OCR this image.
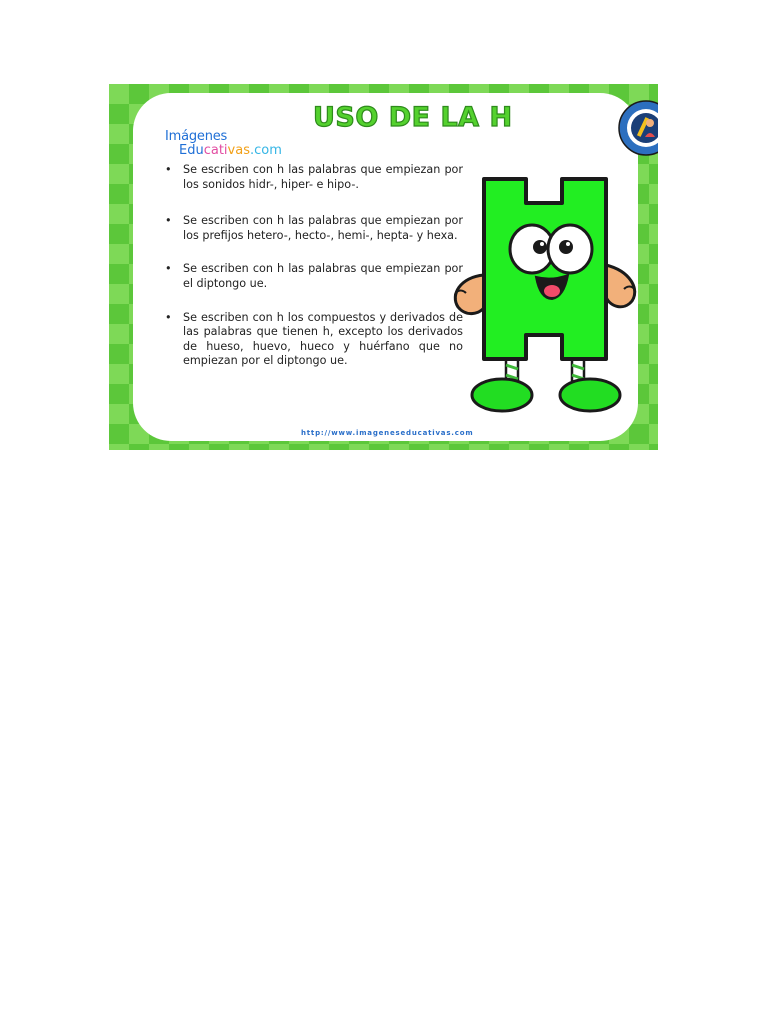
USO DE LA H
Imágenes
Educativas.com
• Se escriben con h las palabras que empiezan por los sonidos hidr-, hiper- e hipo-.
• Se escriben con h las palabras que empiezan por los prefijos hetero-, hecto-, hemi-, hepta- y hexa.
• Se escriben con h las palabras que empiezan por el diptongo ue.
• Se escriben con h los compuestos y derivados de las palabras que tienen h, excepto los derivados de hueso, huevo, hueco y huérfano que no empiezan por el diptongo ue.

http://www.imageneseducativas.com
